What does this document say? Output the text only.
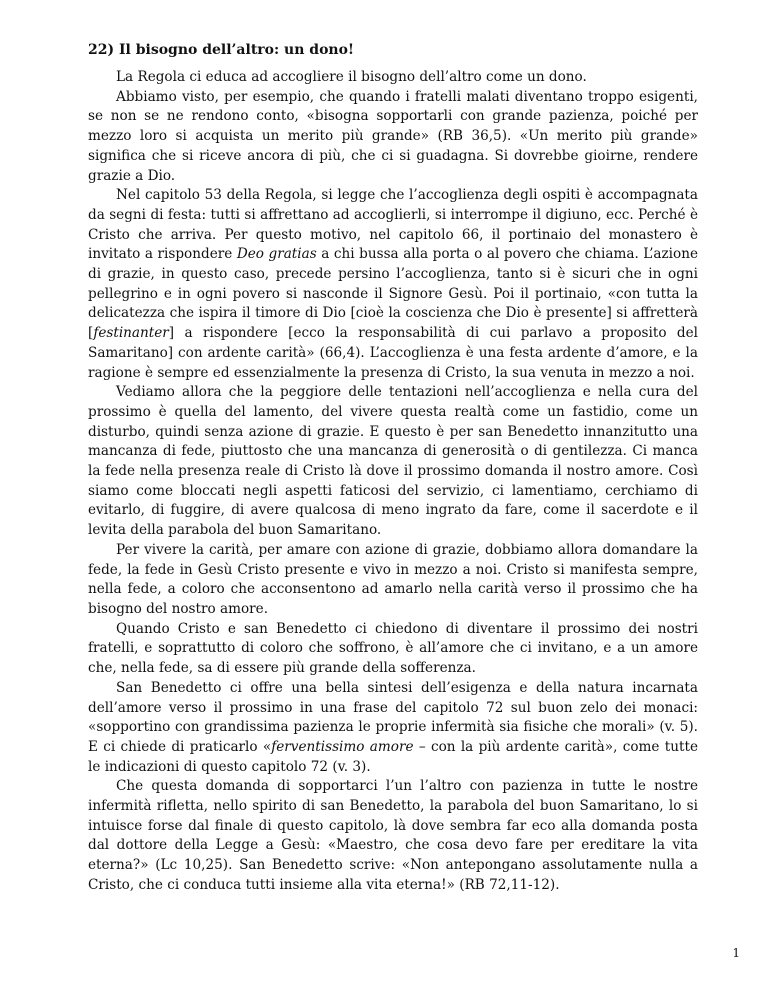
22) Il bisogno dell’altro: un dono!

La Regola ci educa ad accogliere il bisogno dell’altro come un dono.

Abbiamo visto, per esempio, che quando i fratelli malati diventano troppo esigenti, se non se ne rendono conto, «bisogna sopportarli con grande pazienza, poiché per mezzo loro si acquista un merito più grande» (RB 36,5). «Un merito più grande» significa che si riceve ancora di più, che ci si guadagna. Si dovrebbe gioirne, rendere grazie a Dio.

Nel capitolo 53 della Regola, si legge che l’accoglienza degli ospiti è accompagnata da segni di festa: tutti si affrettano ad accoglierli, si interrompe il digiuno, ecc. Perché è Cristo che arriva. Per questo motivo, nel capitolo 66, il portinaio del monastero è invitato a rispondere Deo gratias a chi bussa alla porta o al povero che chiama. L’azione di grazie, in questo caso, precede persino l’accoglienza, tanto si è sicuri che in ogni pellegrino e in ogni povero si nasconde il Signore Gesù. Poi il portinaio, «con tutta la delicatezza che ispira il timore di Dio [cioè la coscienza che Dio è presente] si affretterà [festinanter] a rispondere [ecco la responsabilità di cui parlavo a proposito del Samaritano] con ardente carità» (66,4). L’accoglienza è una festa ardente d’amore, e la ragione è sempre ed essenzialmente la presenza di Cristo, la sua venuta in mezzo a noi.

Vediamo allora che la peggiore delle tentazioni nell’accoglienza e nella cura del prossimo è quella del lamento, del vivere questa realtà come un fastidio, come un disturbo, quindi senza azione di grazie. E questo è per san Benedetto innanzitutto una mancanza di fede, piuttosto che una mancanza di generosità o di gentilezza. Ci manca la fede nella presenza reale di Cristo là dove il prossimo domanda il nostro amore. Così siamo come bloccati negli aspetti faticosi del servizio, ci lamentiamo, cerchiamo di evitarlo, di fuggire, di avere qualcosa di meno ingrato da fare, come il sacerdote e il levita della parabola del buon Samaritano.

Per vivere la carità, per amare con azione di grazie, dobbiamo allora domandare la fede, la fede in Gesù Cristo presente e vivo in mezzo a noi. Cristo si manifesta sempre, nella fede, a coloro che acconsentono ad amarlo nella carità verso il prossimo che ha bisogno del nostro amore.

Quando Cristo e san Benedetto ci chiedono di diventare il prossimo dei nostri fratelli, e soprattutto di coloro che soffrono, è all’amore che ci invitano, e a un amore che, nella fede, sa di essere più grande della sofferenza.

San Benedetto ci offre una bella sintesi dell’esigenza e della natura incarnata dell’amore verso il prossimo in una frase del capitolo 72 sul buon zelo dei monaci: «sopportino con grandissima pazienza le proprie infermità sia fisiche che morali» (v. 5). E ci chiede di praticarlo «ferventissimo amore – con la più ardente carità», come tutte le indicazioni di questo capitolo 72 (v. 3).

Che questa domanda di sopportarci l’un l’altro con pazienza in tutte le nostre infermità rifletta, nello spirito di san Benedetto, la parabola del buon Samaritano, lo si intuisce forse dal finale di questo capitolo, là dove sembra far eco alla domanda posta dal dottore della Legge a Gesù: «Maestro, che cosa devo fare per ereditare la vita eterna?» (Lc 10,25). San Benedetto scrive: «Non antepongano assolutamente nulla a Cristo, che ci conduca tutti insieme alla vita eterna!» (RB 72,11-12).

1
